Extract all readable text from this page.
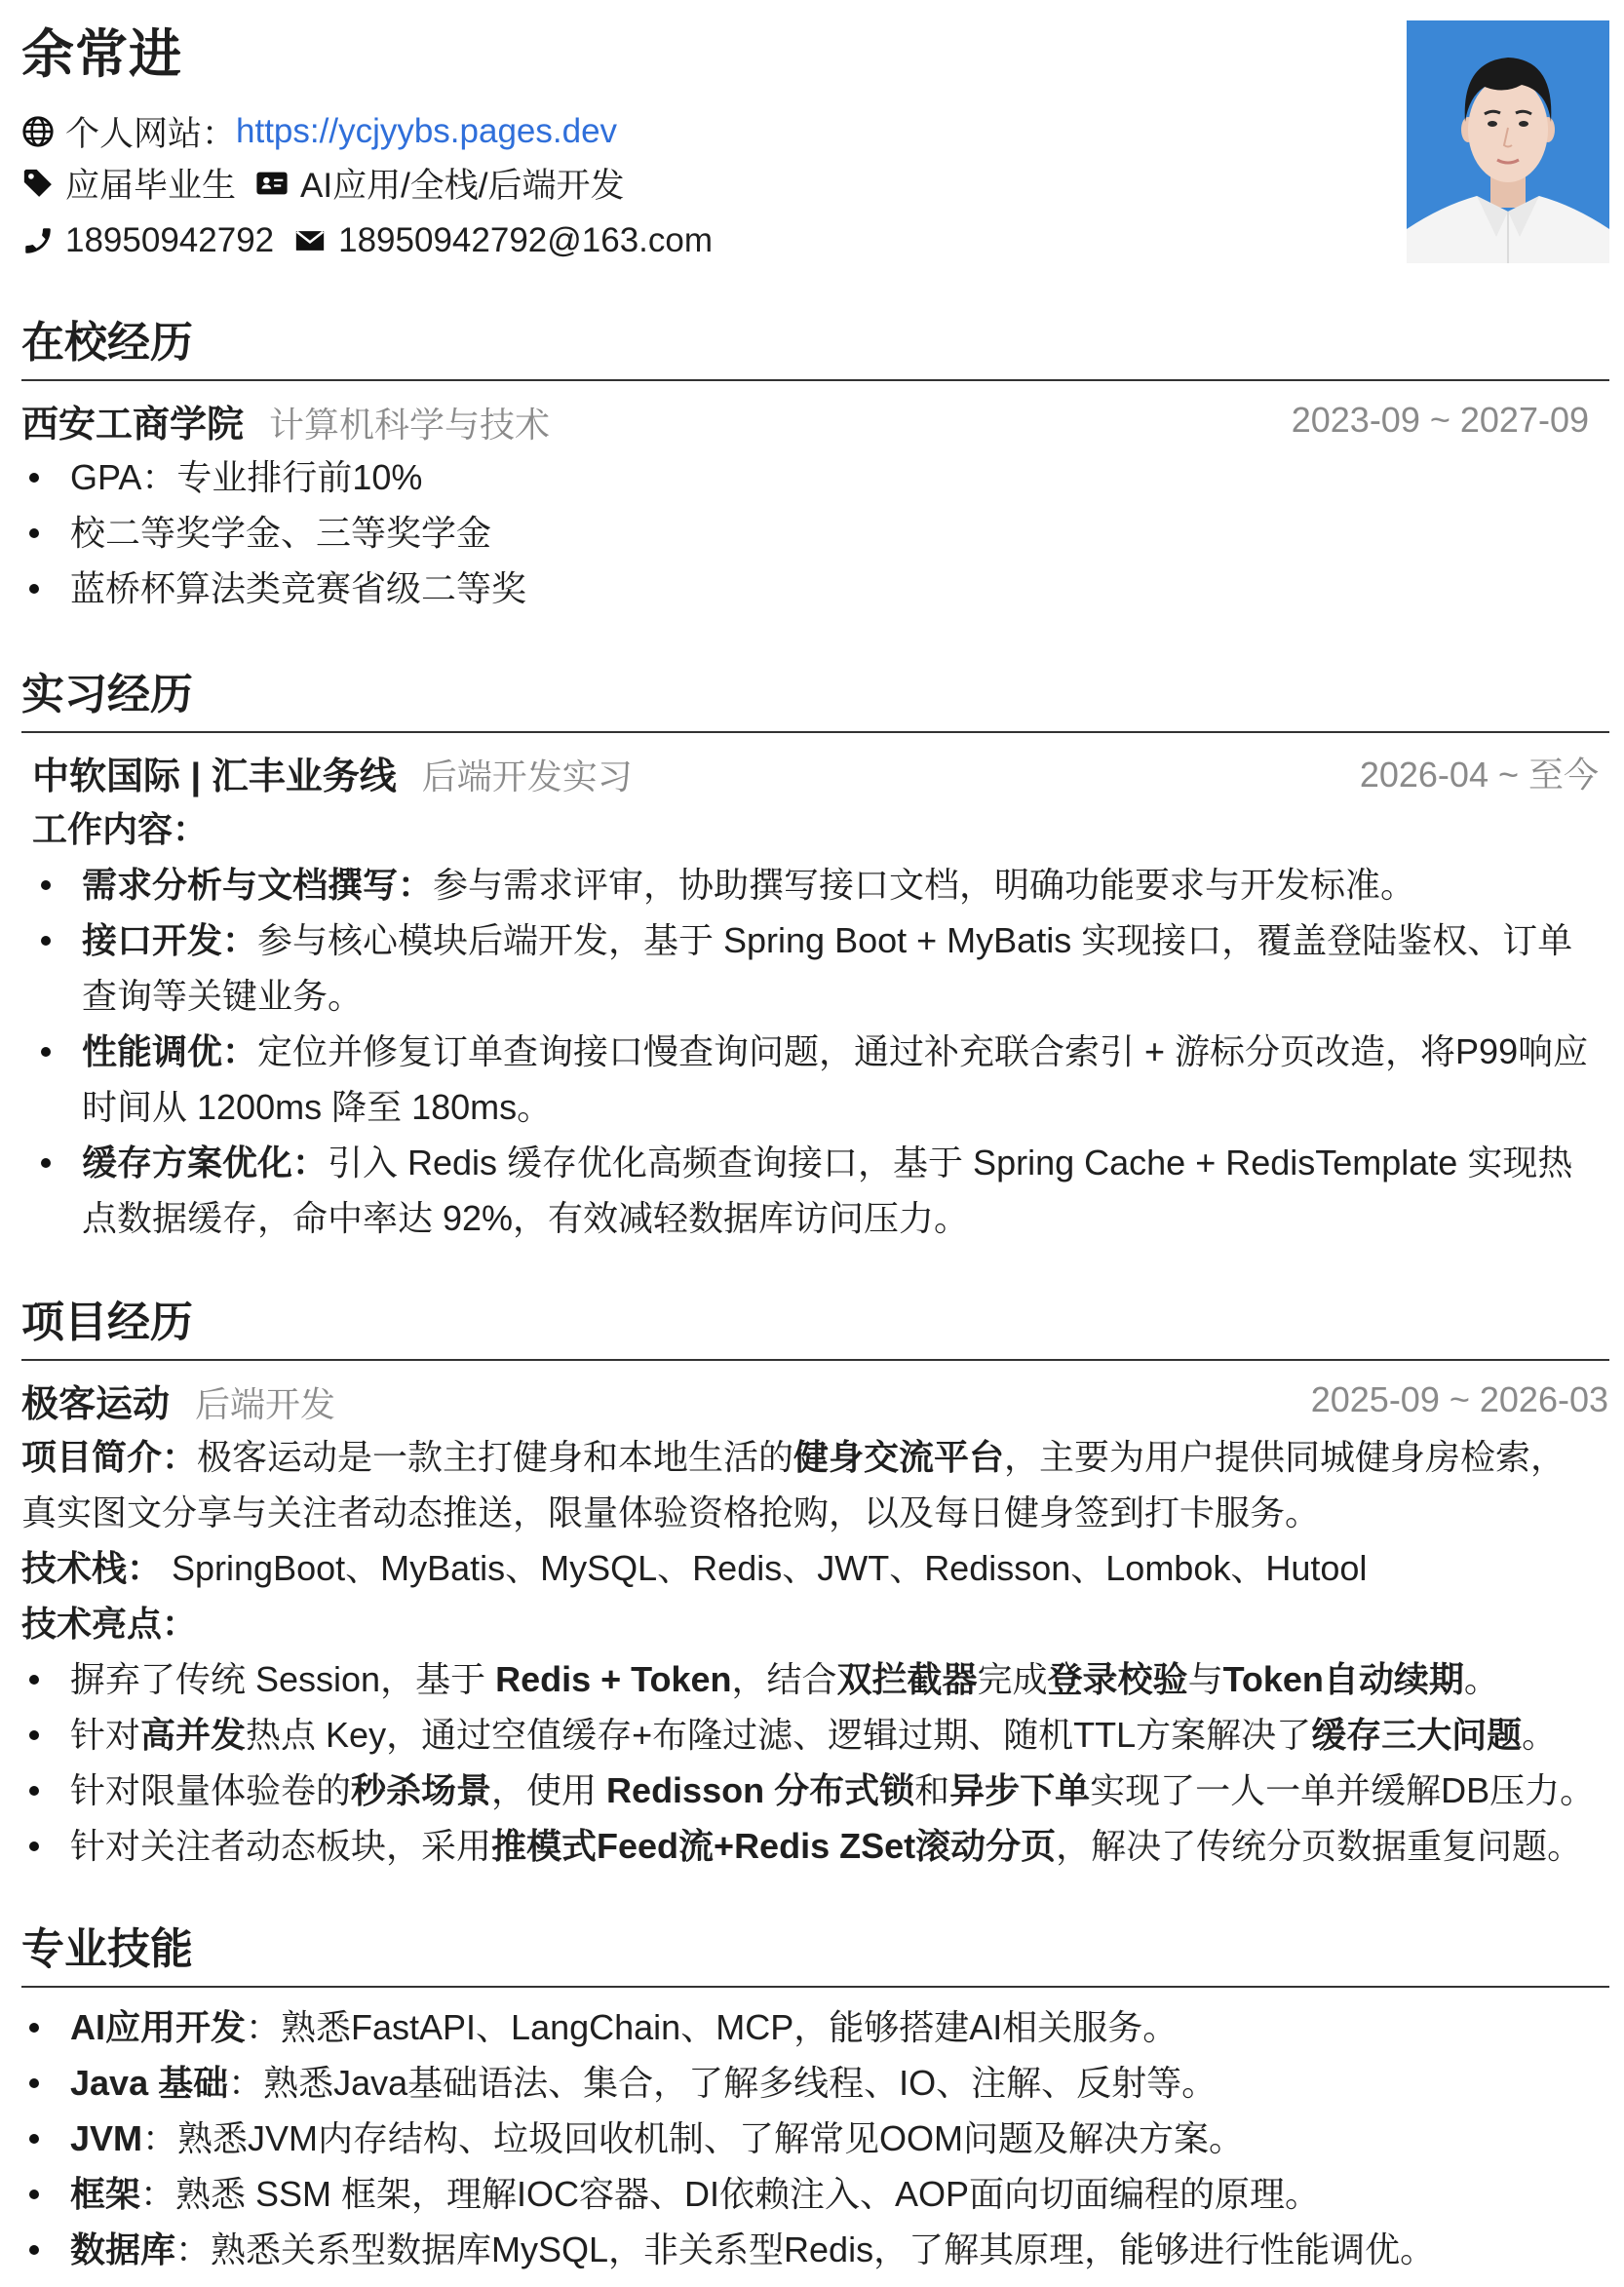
余常进
个人网站： https://ycjyybs.pages.dev
应届毕业生 AI应用/全栈/后端开发
18950942792 18950942792@163.com
在校经历
西安工商学院 计算机科学与技术	2023-09 ~ 2027-09
GPA：专业排行前10%
校二等奖学金、三等奖学金
蓝桥杯算法类竞赛省级二等奖
实习经历
中软国际 | 汇丰业务线 后端开发实习	2026-04 ~ 至今
工作内容：
需求分析与文档撰写：参与需求评审，协助撰写接口文档，明确功能要求与开发标准。
接口开发：参与核心模块后端开发，基于 Spring Boot + MyBatis 实现接口，覆盖登陆鉴权、订单查询等关键业务。
性能调优：定位并修复订单查询接口慢查询问题，通过补充联合索引 + 游标分页改造，将P99响应时间从 1200ms 降至 180ms。
缓存方案优化：引入 Redis 缓存优化高频查询接口，基于 Spring Cache + RedisTemplate 实现热点数据缓存，命中率达 92%，有效减轻数据库访问压力。
项目经历
极客运动 后端开发	2025-09 ~ 2026-03
项目简介：极客运动是一款主打健身和本地生活的健身交流平台，主要为用户提供同城健身房检索，真实图文分享与关注者动态推送，限量体验资格抢购，以及每日健身签到打卡服务。
技术栈： SpringBoot、MyBatis、MySQL、Redis、JWT、Redisson、Lombok、Hutool
技术亮点：
摒弃了传统 Session，基于 Redis + Token，结合双拦截器完成登录校验与Token自动续期。
针对高并发热点 Key，通过空值缓存+布隆过滤、逻辑过期、随机TTL方案解决了缓存三大问题。
针对限量体验卷的秒杀场景，使用 Redisson 分布式锁和异步下单实现了一人一单并缓解DB压力。
针对关注者动态板块，采用推模式Feed流+Redis ZSet滚动分页，解决了传统分页数据重复问题。
专业技能
AI应用开发：熟悉FastAPI、LangChain、MCP，能够搭建AI相关服务。
Java 基础：熟悉Java基础语法、集合，了解多线程、IO、注解、反射等。
JVM：熟悉JVM内存结构、垃圾回收机制、了解常见OOM问题及解决方案。
框架：熟悉 SSM 框架，理解IOC容器、DI依赖注入、AOP面向切面编程的原理。
数据库：熟悉关系型数据库MySQL，非关系型Redis，了解其原理，能够进行性能调优。
